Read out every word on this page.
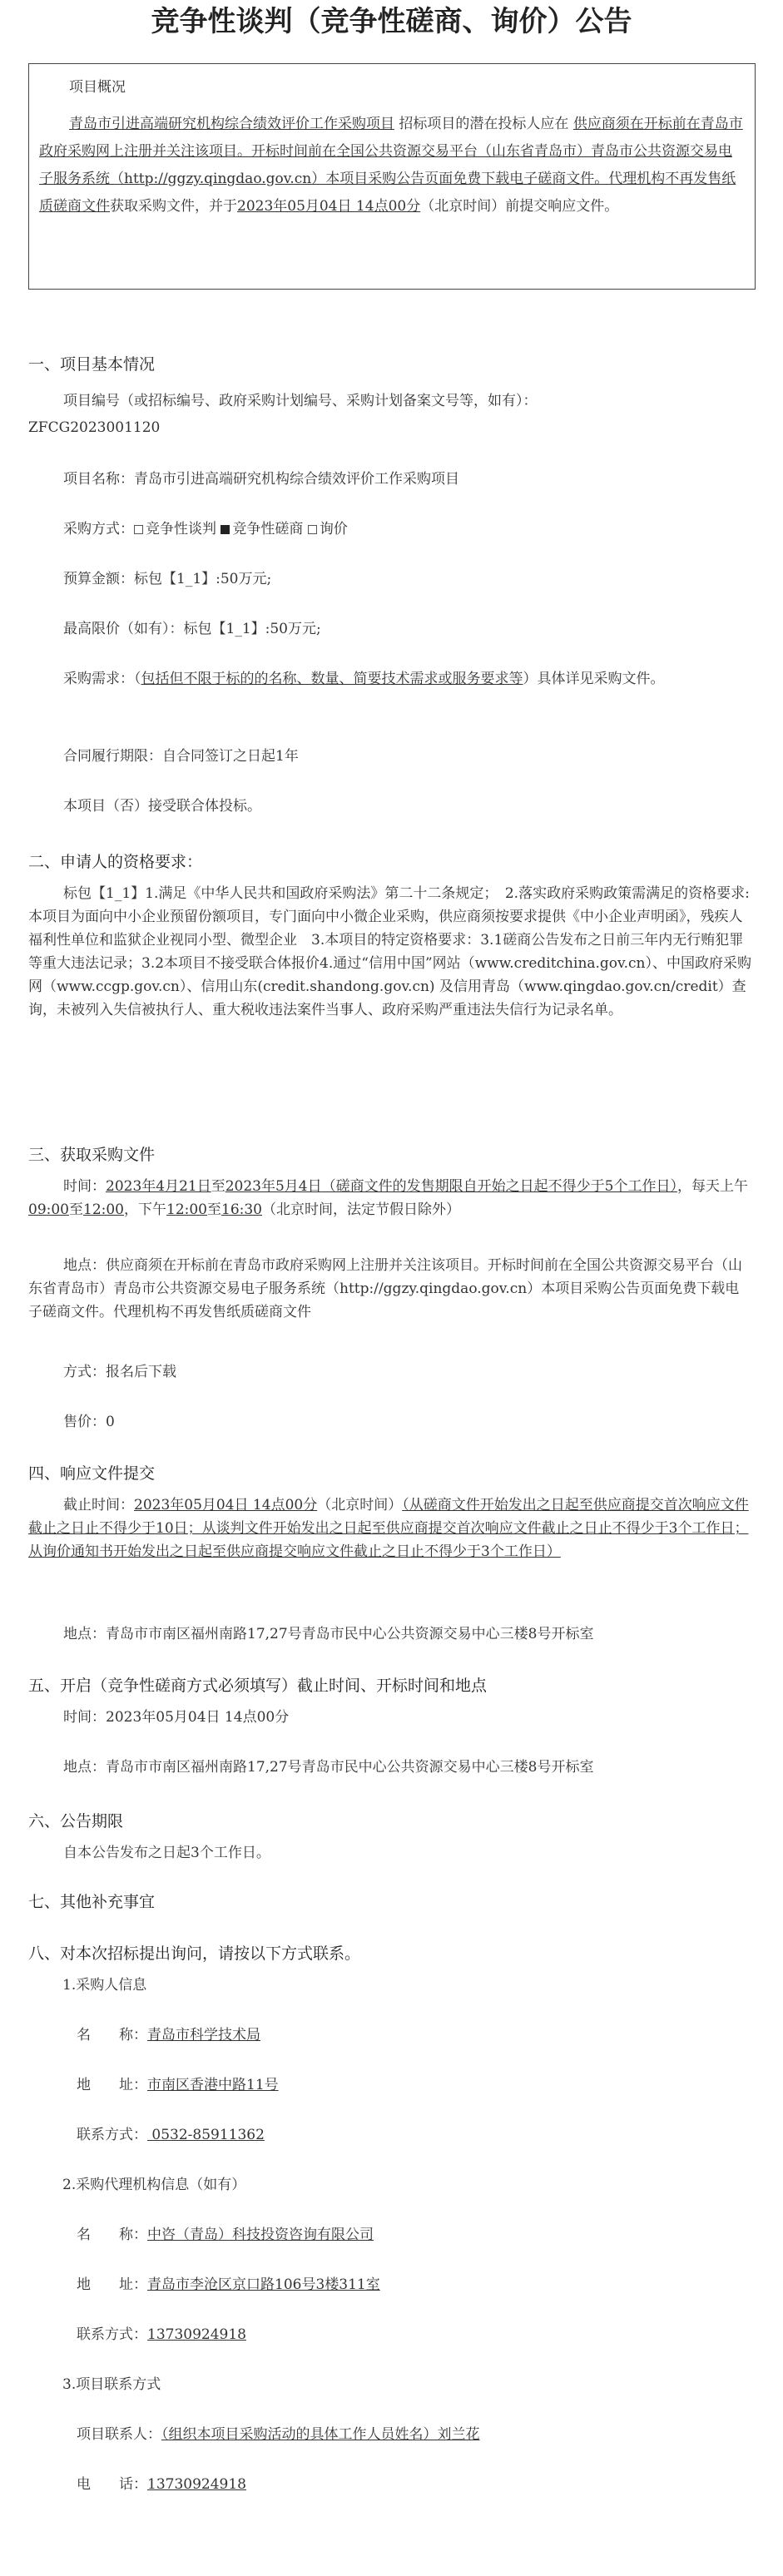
竞争性谈判（竞争性磋商、询价）公告
项目概况

青岛市引进高端研究机构综合绩效评价工作采购项目 招标项目的潜在投标人应在 供应商须在开标前在青岛市政府采购网上注册并关注该项目。开标时间前在全国公共资源交易平台（山东省青岛市）青岛市公共资源交易电子服务系统（http://ggzy.qingdao.gov.cn）本项目采购公告页面免费下载电子磋商文件。代理机构不再发售纸质磋商文件获取采购文件，并于2023年05月04日 14点00分（北京时间）前提交响应文件。

一、项目基本情况

项目编号（或招标编号、政府采购计划编号、采购计划备案文号等，如有）：

ZFCG2023001120

项目名称：青岛市引进高端研究机构综合绩效评价工作采购项目

采购方式： 竞争性谈判 竞争性磋商 询价

预算金额：标包【1_1】:50万元;

最高限价（如有）：标包【1_1】:50万元;

采购需求：（包括但不限于标的的名称、数量、简要技术需求或服务要求等）具体详见采购文件。

合同履行期限：自合同签订之日起1年

本项目（否）接受联合体投标。

二、申请人的资格要求：

标包【1_1】1.满足《中华人民共和国政府采购法》第二十二条规定；　2.落实政府采购政策需满足的资格要求:本项目为面向中小企业预留份额项目，专门面向中小微企业采购，供应商须按要求提供《中小企业声明函》，残疾人福利性单位和监狱企业视同小型、微型企业　3.本项目的特定资格要求：3.1磋商公告发布之日前三年内无行贿犯罪等重大违法记录；3.2本项目不接受联合体报价4.通过“信用中国”网站（www.creditchina.gov.cn）、中国政府采购网（www.ccgp.gov.cn）、信用山东(credit.shandong.gov.cn) 及信用青岛（www.qingdao.gov.cn/credit）查询，未被列入失信被执行人、重大税收违法案件当事人、政府采购严重违法失信行为记录名单。

三、获取采购文件

时间：2023年4月21日至2023年5月4日（磋商文件的发售期限自开始之日起不得少于5个工作日），每天上午09:00至12:00，下午12:00至16:30（北京时间，法定节假日除外）

地点：供应商须在开标前在青岛市政府采购网上注册并关注该项目。开标时间前在全国公共资源交易平台（山东省青岛市）青岛市公共资源交易电子服务系统（http://ggzy.qingdao.gov.cn）本项目采购公告页面免费下载电子磋商文件。代理机构不再发售纸质磋商文件

方式：报名后下载

售价：0

四、响应文件提交

截止时间：2023年05月04日 14点00分（北京时间）（从磋商文件开始发出之日起至供应商提交首次响应文件截止之日止不得少于10日；从谈判文件开始发出之日起至供应商提交首次响应文件截止之日止不得少于3个工作日；从询价通知书开始发出之日起至供应商提交响应文件截止之日止不得少于3个工作日）

地点：青岛市市南区福州南路17,27号青岛市民中心公共资源交易中心三楼8号开标室

五、开启（竞争性磋商方式必须填写）截止时间、开标时间和地点

时间：2023年05月04日 14点00分

地点：青岛市市南区福州南路17,27号青岛市民中心公共资源交易中心三楼8号开标室

六、公告期限

自本公告发布之日起3个工作日。

七、其他补充事宜
八、对本次招标提出询问，请按以下方式联系。

1.采购人信息

名　　称：青岛市科学技术局

地　　址：市南区香港中路11号

联系方式： 0532-85911362

2.采购代理机构信息（如有）

名　　称：中咨（青岛）科技投资咨询有限公司

地　　址：青岛市李沧区京口路106号3楼311室

联系方式：13730924918

3.项目联系方式

项目联系人：（组织本项目采购活动的具体工作人员姓名）刘兰花

电　　话：13730924918
